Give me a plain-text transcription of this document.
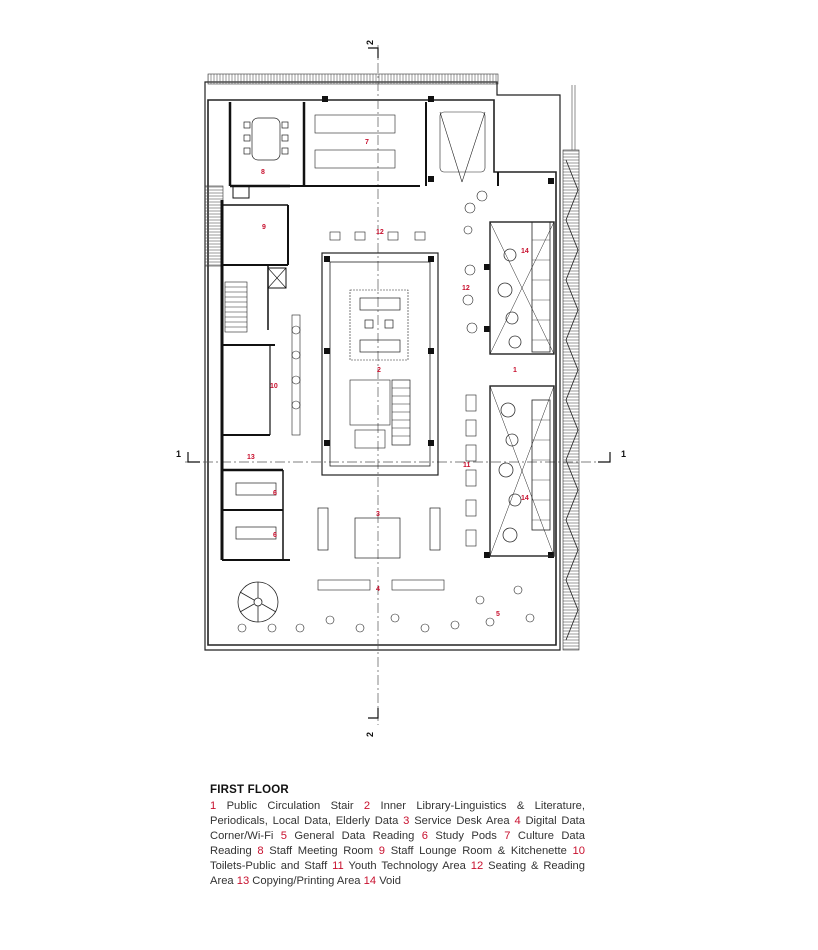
2
2
1	1
1
2
3
4
5
6
6
7
8
9
10
11
12
12
13
14
14
FIRST FLOOR
1 Public Circulation Stair 2 Inner Library-Linguistics & Literature, Periodicals, Local Data, Elderly Data 3 Service Desk Area 4 Digital Data Corner/Wi-Fi 5 General Data Reading 6 Study Pods 7 Culture Data Reading 8 Staff Meeting Room 9 Staff Lounge Room & Kitchenette 10 Toilets-Public and Staff 11 Youth Technology Area 12 Seating & Reading Area 13 Copying/Printing Area 14 Void
